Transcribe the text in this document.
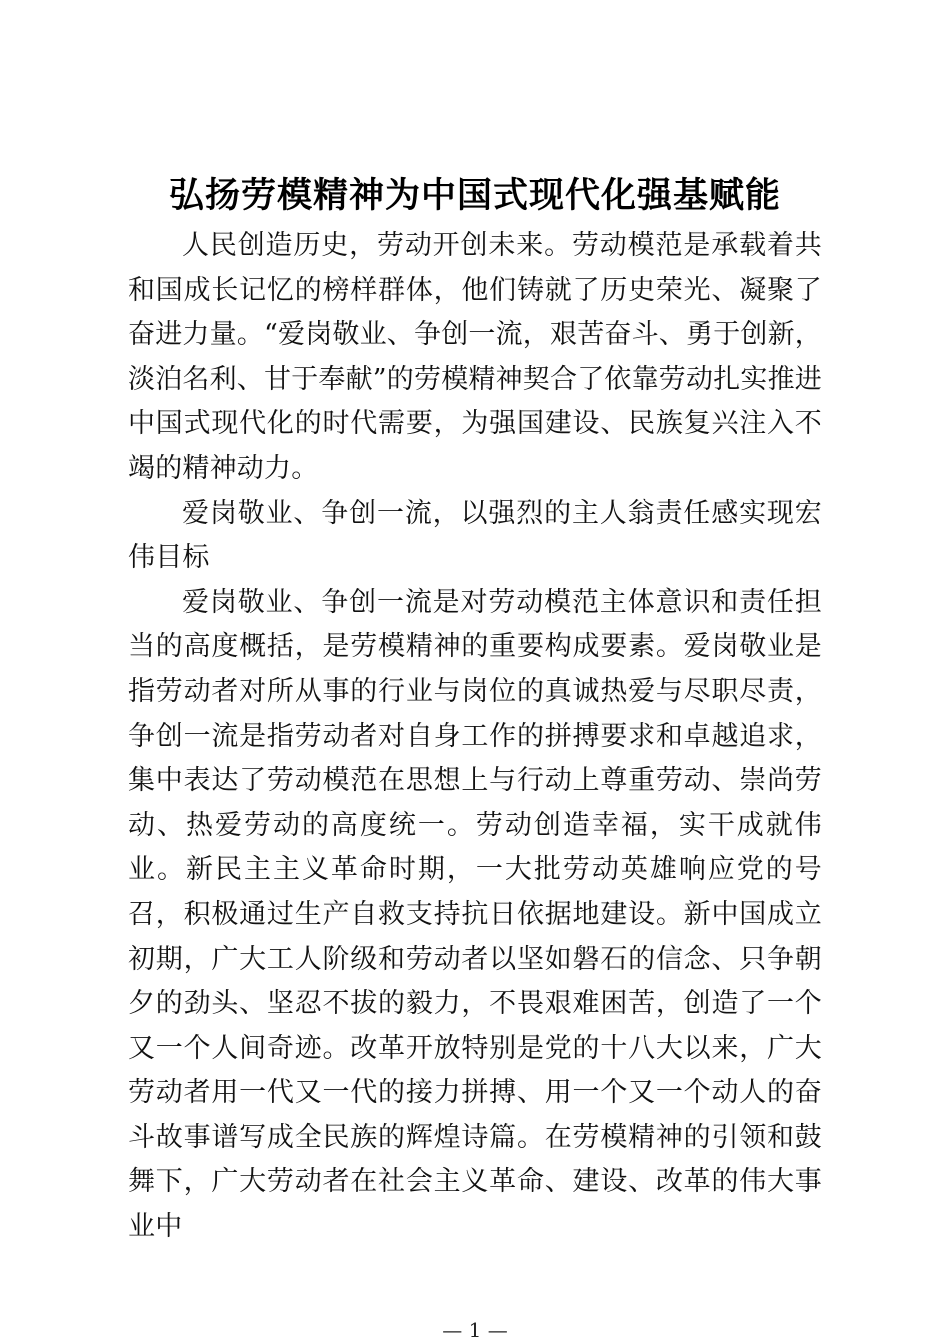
弘扬劳模精神为中国式现代化强基赋能

人民创造历史，劳动开创未来。劳动模范是承载着共和国成长记忆的榜样群体，他们铸就了历史荣光、凝聚了奋进力量。“爱岗敬业、争创一流，艰苦奋斗、勇于创新，淡泊名利、甘于奉献”的劳模精神契合了依靠劳动扎实推进中国式现代化的时代需要，为强国建设、民族复兴注入不竭的精神动力。

爱岗敬业、争创一流，以强烈的主人翁责任感实现宏伟目标

爱岗敬业、争创一流是对劳动模范主体意识和责任担当的高度概括，是劳模精神的重要构成要素。爱岗敬业是指劳动者对所从事的行业与岗位的真诚热爱与尽职尽责，争创一流是指劳动者对自身工作的拼搏要求和卓越追求，集中表达了劳动模范在思想上与行动上尊重劳动、崇尚劳动、热爱劳动的高度统一。劳动创造幸福，实干成就伟业。新民主主义革命时期，一大批劳动英雄响应党的号召，积极通过生产自救支持抗日依据地建设。新中国成立初期，广大工人阶级和劳动者以坚如磐石的信念、只争朝夕的劲头、坚忍不拔的毅力，不畏艰难困苦，创造了一个又一个人间奇迹。改革开放特别是党的十八大以来，广大劳动者用一代又一代的接力拼搏、用一个又一个动人的奋斗故事谱写成全民族的辉煌诗篇。在劳模精神的引领和鼓舞下，广大劳动者在社会主义革命、建设、改革的伟大事业中

— 1 —
